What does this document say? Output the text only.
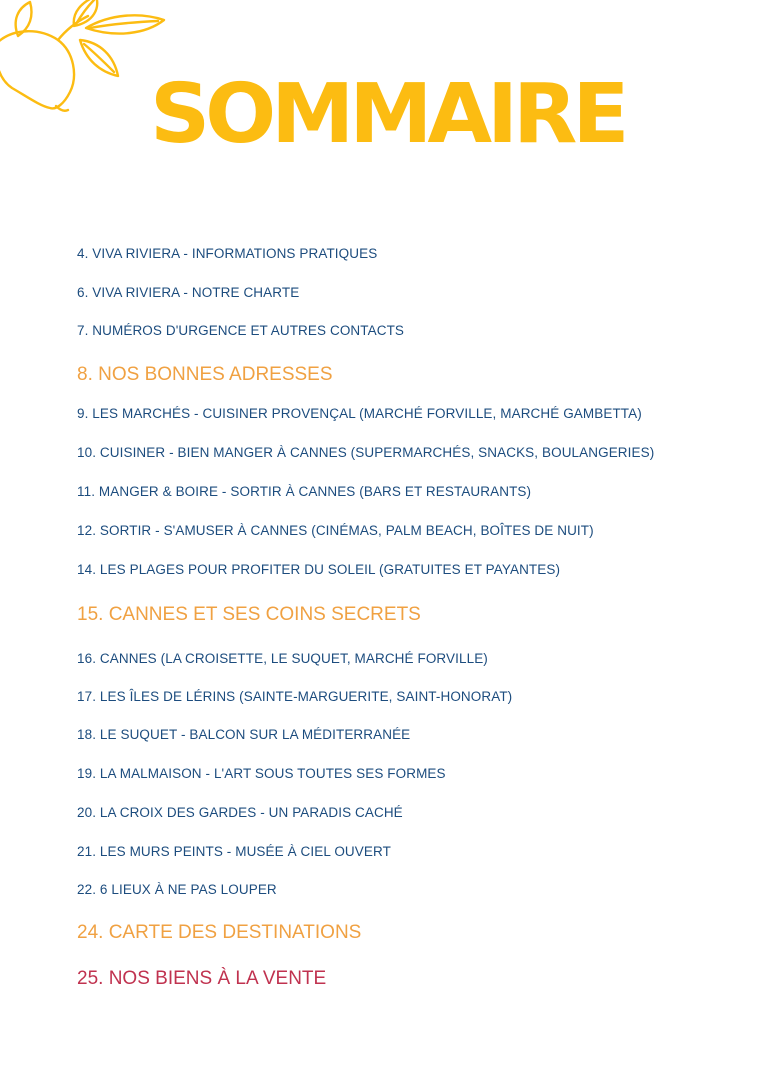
SOMMAIRE
4. VIVA RIVIERA - INFORMATIONS PRATIQUES
6. VIVA RIVIERA - NOTRE CHARTE
7. NUMÉROS D'URGENCE ET AUTRES CONTACTS
8. NOS BONNES ADRESSES
9. LES MARCHÉS - CUISINER PROVENÇAL (MARCHÉ FORVILLE, MARCHÉ GAMBETTA)
10. CUISINER - BIEN MANGER À CANNES (SUPERMARCHÉS, SNACKS, BOULANGERIES)
11. MANGER & BOIRE - SORTIR À CANNES (BARS ET RESTAURANTS)
12. SORTIR - S'AMUSER À CANNES (CINÉMAS, PALM BEACH, BOÎTES DE NUIT)
14. LES PLAGES POUR PROFITER DU SOLEIL (GRATUITES ET PAYANTES)
15. CANNES ET SES COINS SECRETS
16. CANNES (LA CROISETTE, LE SUQUET, MARCHÉ FORVILLE)
17. LES ÎLES DE LÉRINS (SAINTE-MARGUERITE, SAINT-HONORAT)
18. LE SUQUET - BALCON SUR LA MÉDITERRANÉE
19. LA MALMAISON - L'ART SOUS TOUTES SES FORMES
20. LA CROIX DES GARDES - UN PARADIS CACHÉ
21. LES MURS PEINTS - MUSÉE À CIEL OUVERT
22. 6 LIEUX À NE PAS LOUPER
24. CARTE DES DESTINATIONS
25. NOS BIENS À LA VENTE
